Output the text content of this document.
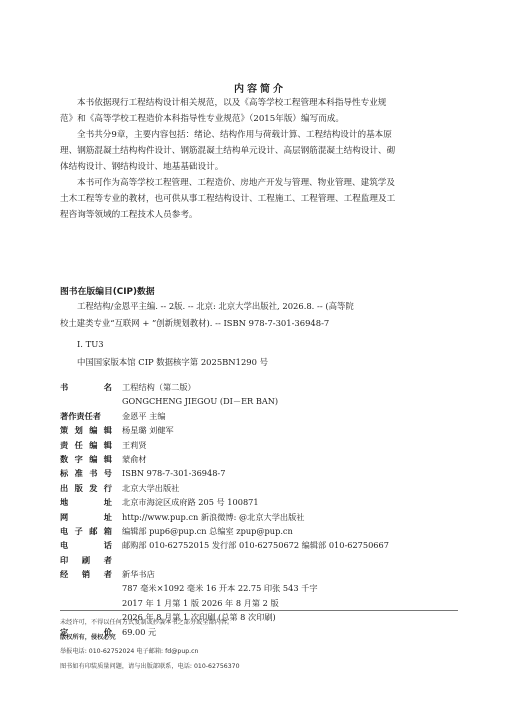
内容简介
本书依据现行工程结构设计相关规范，以及《高等学校工程管理本科指导性专业规
范》和《高等学校工程造价本科指导性专业规范》（2015年版）编写而成。
全书共分9章，主要内容包括：绪论、结构作用与荷载计算、工程结构设计的基本原
理、钢筋混凝土结构构件设计、钢筋混凝土结构单元设计、高层钢筋混凝土结构设计、砌
体结构设计、钢结构设计、地基基础设计。
本书可作为高等学校工程管理、工程造价、房地产开发与管理、物业管理、建筑学及
土木工程等专业的教材，也可供从事工程结构设计、工程施工、工程管理、工程监理及工
程咨询等领域的工程技术人员参考。
图书在版编目(CIP)数据
工程结构/金恩平主编. -- 2版. -- 北京: 北京大学出版社, 2026.8. -- (高等院
校土建类专业“互联网 + ”创新规划教材). -- ISBN 978-7-301-36948-7
Ⅰ. TU3
中国国家版本馆 CIP 数据核字第 2025BN1290 号
书	名 工程结构（第二版）
GONGCHENG JIEGOU (DI－ER BAN)
著作责任者	金恩平 主编
策 划 编 辑 杨星璐 刘健军
责 任 编 辑 王莉贤
数 字 编 辑 蒙俞材
标 准 书 号 ISBN 978-7-301-36948-7
出 版 发 行 北京大学出版社
地	址 北京市海淀区成府路 205 号 100871
网	址 http://www.pup.cn 新浪微博: @北京大学出版社
电 子 邮 箱 编辑部 pup6@pup.cn 总编室 zpup@pup.cn
电	话 邮购部 010-62752015 发行部 010-62750672 编辑部 010-62750667
印 刷 者
经 销 者 新华书店
787 毫米×1092 毫米 16 开本 22.75 印张 543 千字
2017 年 1 月第 1 版 2026 年 8 月第 2 版
2026 年 8 月第 1 次印刷 (总第 8 次印刷)
定	价 69.00 元
未经许可，不得以任何方式复制或抄袭本书之部分或全部内容。
版权所有，侵权必究
举报电话: 010-62752024 电子邮箱: fd@pup.cn
图书如有印装质量问题，请与出版部联系，电话: 010-62756370
